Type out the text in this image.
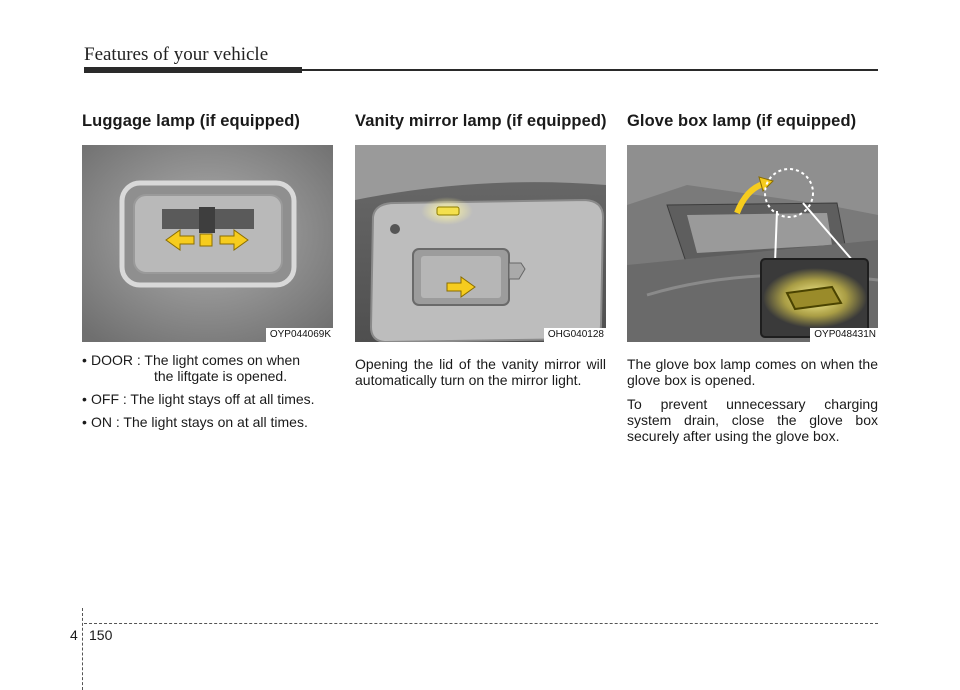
Features of your vehicle
Luggage lamp (if equipped)
OYP044069K
• DOOR : The light comes on when
the liftgate is opened.
• OFF : The light stays off at all times.
• ON : The light stays on at all times.
Vanity mirror lamp (if equipped)
OHG040128

Opening the lid of the vanity mirror will automatically turn on the mirror light.

Glove box lamp (if equipped)
OYP048431N

The glove box lamp comes on when the glove box is opened.

To prevent unnecessary charging system drain, close the glove box securely after using the glove box.

4 150
